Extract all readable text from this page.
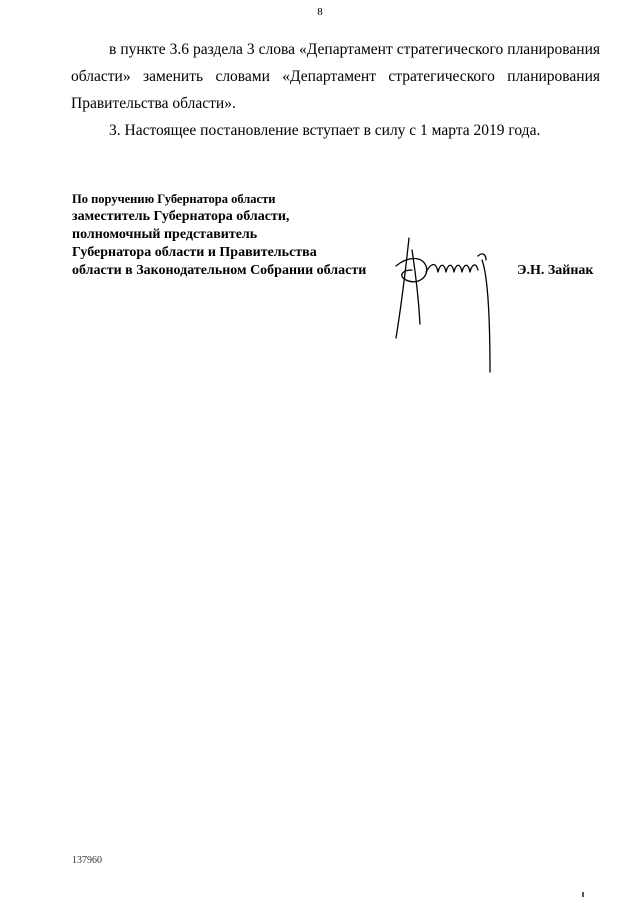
8

в пункте 3.6 раздела 3 слова «Департамент стратегического планирования области» заменить словами «Департамент стратегического планирования Правительства области».

3. Настоящее постановление вступает в силу с 1 марта 2019 года.

По поручению Губернатора области
заместитель Губернатора области,
полномочный представитель
Губернатора области и Правительства
области в Законодательном Собрании области	Э.Н. Зайнак
137960
